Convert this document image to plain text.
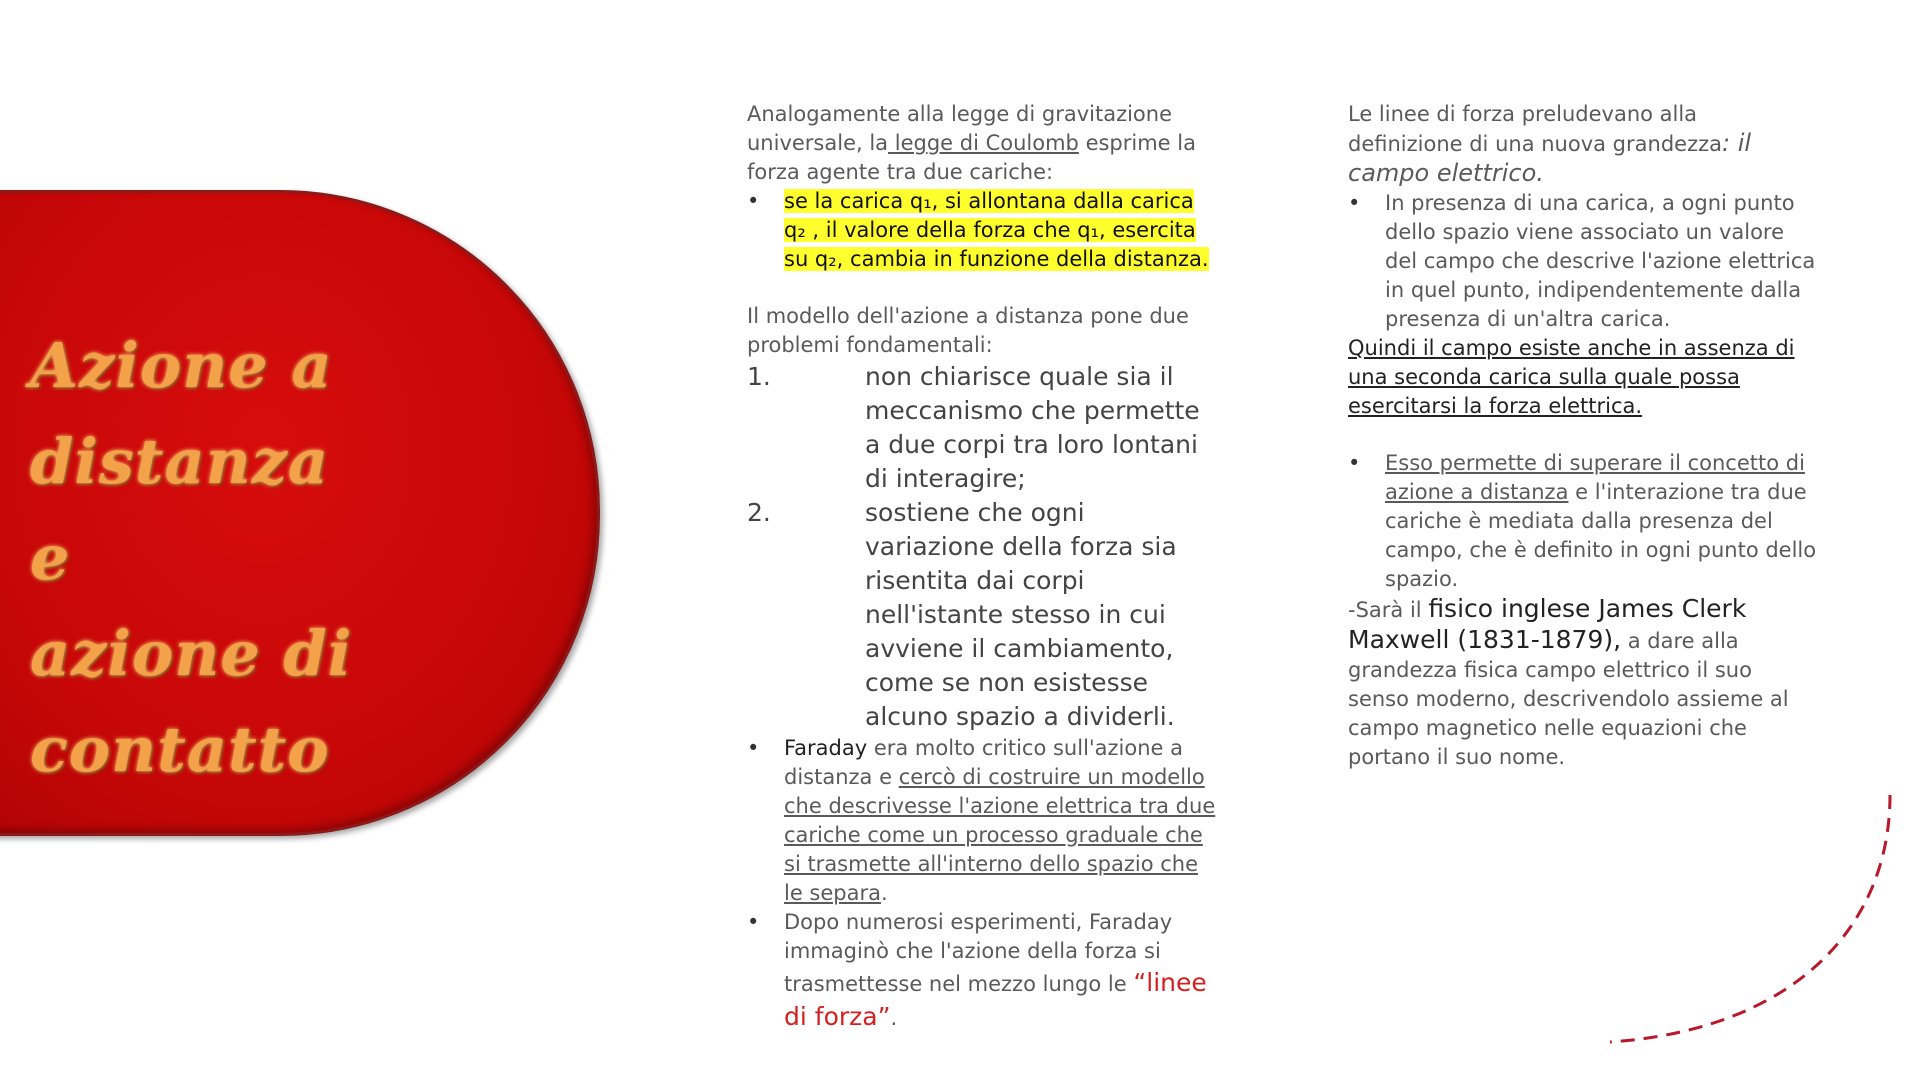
Azione a distanza
e
azione di contatto

Analogamente alla legge di gravitazione universale, la legge di Coulomb esprime la forza agente tra due cariche:

• se la carica q₁, si allontana dalla carica q₂ , il valore della forza che q₁, esercita su q₂, cambia in funzione della distanza.

Il modello dell'azione a distanza pone due problemi fondamentali:

1.	non chiarisce quale sia il meccanismo che permette a due corpi tra loro lontani di interagire;
2.	sostiene che ogni variazione della forza sia risentita dai corpi nell'istante stesso in cui avviene il cambiamento, come se non esistesse alcuno spazio a dividerli.

• Faraday era molto critico sull'azione a distanza e cercò di costruire un modello che descrivesse l'azione elettrica tra due cariche come un processo graduale che si trasmette all'interno dello spazio che le separa.

• Dopo numerosi esperimenti, Faraday immaginò che l'azione della forza si trasmettesse nel mezzo lungo le “linee di forza”.

Le linee di forza preludevano alla definizione di una nuova grandezza: il campo elettrico.

• In presenza di una carica, a ogni punto dello spazio viene associato un valore del campo che descrive l'azione elettrica in quel punto, indipendentemente dalla presenza di un'altra carica.

Quindi il campo esiste anche in assenza di una seconda carica sulla quale possa esercitarsi la forza elettrica.

• Esso permette di superare il concetto di azione a distanza e l'interazione tra due cariche è mediata dalla presenza del campo, che è definito in ogni punto dello spazio.

-Sarà il fisico inglese James Clerk Maxwell (1831-1879), a dare alla grandezza fisica campo elettrico il suo senso moderno, descrivendolo assieme al campo magnetico nelle equazioni che portano il suo nome.
